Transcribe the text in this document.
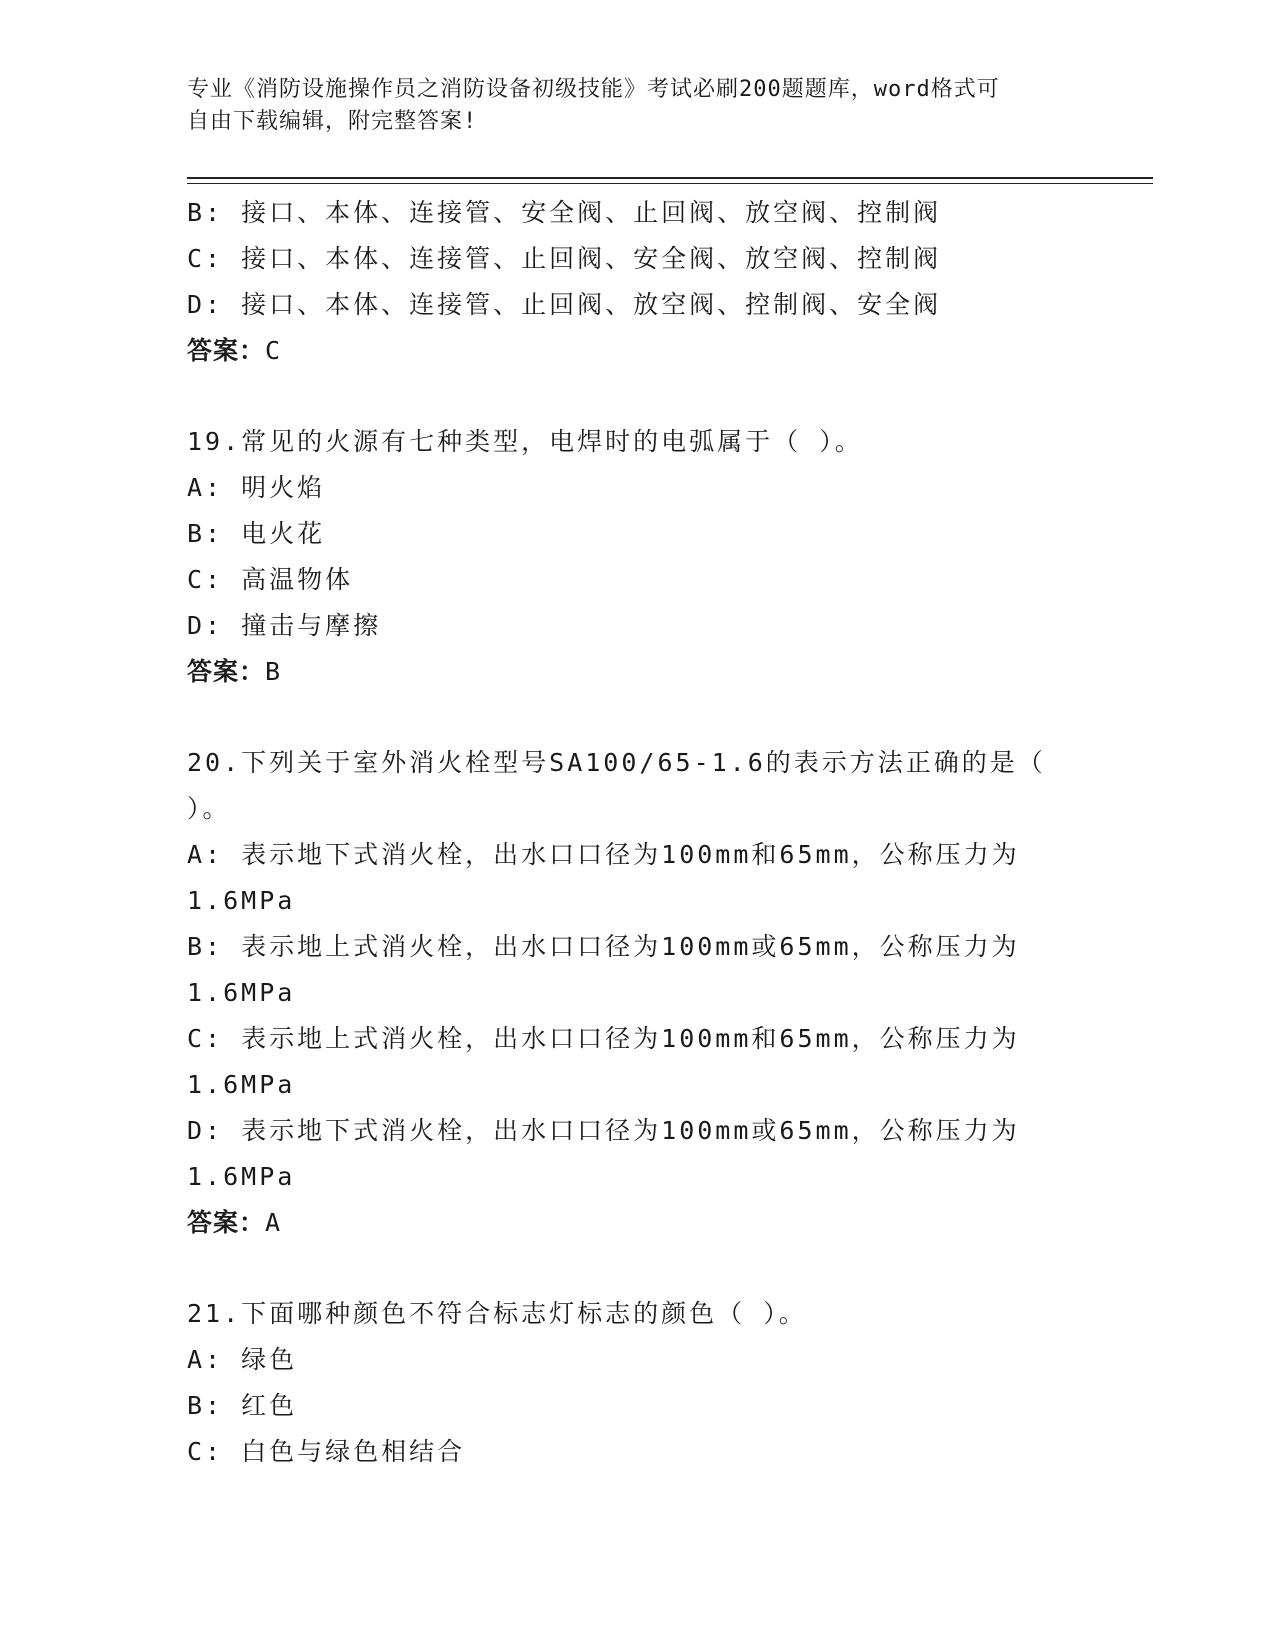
专业《消防设施操作员之消防设备初级技能》考试必刷200题题库，word格式可
自由下载编辑，附完整答案!
B: 接口、本体、连接管、安全阀、止回阀、放空阀、控制阀
C: 接口、本体、连接管、止回阀、安全阀、放空阀、控制阀
D: 接口、本体、连接管、止回阀、放空阀、控制阀、安全阀
答案：C
19.常见的火源有七种类型，电焊时的电弧属于（ ）。
A: 明火焰
B: 电火花
C: 高温物体
D: 撞击与摩擦
答案：B
20.下列关于室外消火栓型号SA100/65-1.6的表示方法正确的是（
）。
A: 表示地下式消火栓，出水口口径为100mm和65mm，公称压力为
1.6MPa
B: 表示地上式消火栓，出水口口径为100mm或65mm，公称压力为
1.6MPa
C: 表示地上式消火栓，出水口口径为100mm和65mm，公称压力为
1.6MPa
D: 表示地下式消火栓，出水口口径为100mm或65mm，公称压力为
1.6MPa
答案：A
21.下面哪种颜色不符合标志灯标志的颜色（ ）。
A: 绿色
B: 红色
C: 白色与绿色相结合
